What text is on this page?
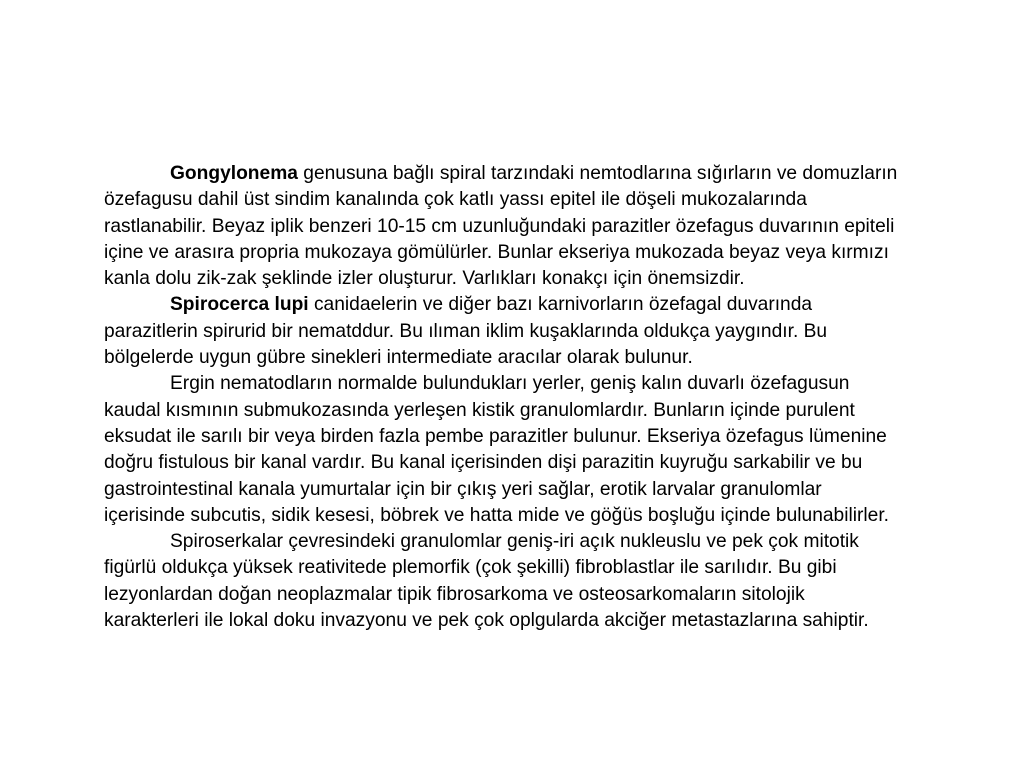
Gongylonema genusuna bağlı spiral tarzındaki nemtodlarına sığırların ve domuzların
özefagusu dahil üst sindim kanalında çok katlı yassı epitel ile döşeli mukozalarında
rastlanabilir. Beyaz iplik benzeri 10-15 cm uzunluğundaki parazitler özefagus duvarının epiteli
içine ve arasıra propria mukozaya gömülürler. Bunlar ekseriya mukozada beyaz veya kırmızı
kanla dolu zik-zak şeklinde izler oluşturur. Varlıkları konakçı için önemsizdir.
Spirocerca lupi canidaelerin ve diğer bazı karnivorların özefagal duvarında
parazitlerin spirurid bir nematddur. Bu ılıman iklim kuşaklarında oldukça yaygındır. Bu
bölgelerde uygun gübre sinekleri intermediate aracılar olarak bulunur.
Ergin nematodların normalde bulundukları yerler, geniş kalın duvarlı özefagusun
kaudal kısmının submukozasında yerleşen kistik granulomlardır. Bunların içinde purulent
eksudat ile sarılı bir veya birden fazla pembe parazitler bulunur. Ekseriya özefagus lümenine
doğru fistulous bir kanal vardır. Bu kanal içerisinden dişi parazitin kuyruğu sarkabilir ve bu
gastrointestinal kanala yumurtalar için bir çıkış yeri sağlar, erotik larvalar granulomlar
içerisinde subcutis, sidik kesesi, böbrek ve hatta mide ve göğüs boşluğu içinde bulunabilirler.
Spiroserkalar çevresindeki granulomlar geniş-iri açık nukleuslu ve pek çok mitotik
figürlü oldukça yüksek reativitede plemorfik (çok şekilli) fibroblastlar ile sarılıdır. Bu gibi
lezyonlardan doğan neoplazmalar tipik fibrosarkoma ve osteosarkomaların sitolojik
karakterleri ile lokal doku invazyonu ve pek çok oplgularda akciğer metastazlarına sahiptir.
